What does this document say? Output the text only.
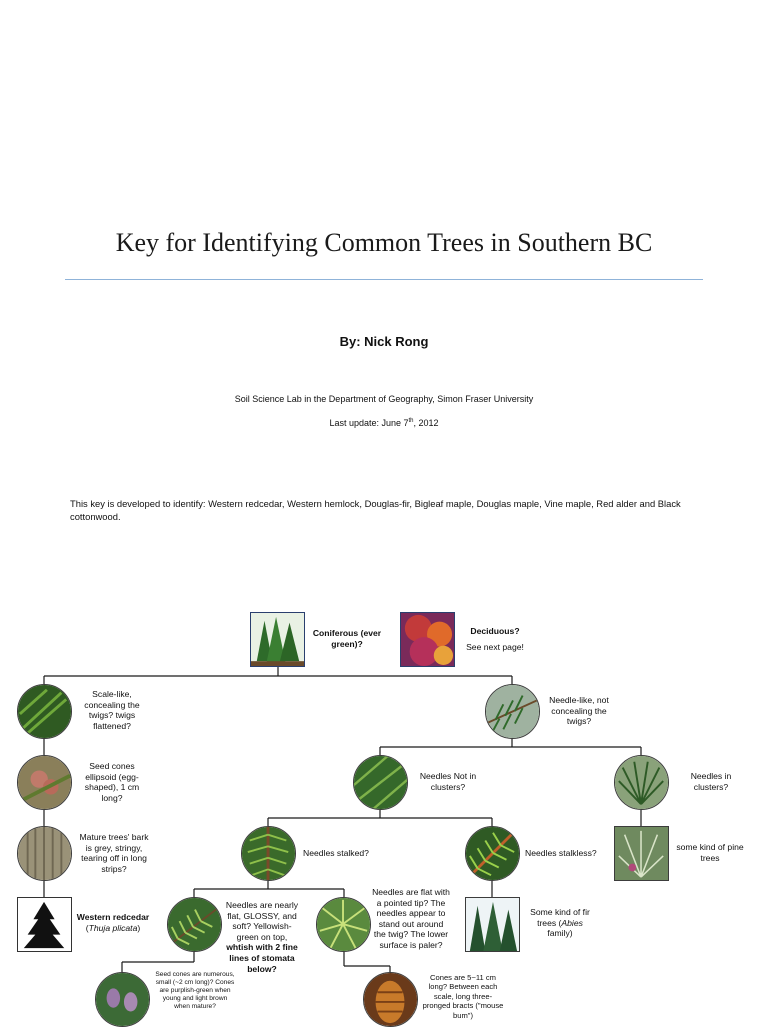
Key for Identifying Common Trees in Southern BC
By: Nick Rong
Soil Science Lab in the Department of Geography, Simon Fraser University
Last update: June 7th, 2012
This key is developed to identify: Western redcedar, Western hemlock, Douglas-fir, Bigleaf maple, Douglas maple, Vine maple, Red alder and Black cottonwood.
Coniferous (ever green)?
Deciduous?
See next page!
Scale-like, concealing the twigs? twigs flattened?
Seed cones ellipsoid (egg-shaped), 1 cm long?
Mature trees' bark is grey, stringy, tearing off in long strips?
Western redcedar
(Thuja plicata)
Needle-like, not concealing the twigs?
Needles Not in clusters?
Needles in clusters?
some kind of pine trees
Needles stalked?	Needles stalkless?
Some kind of fir trees (Abies family)
Needles are nearly flat, GLOSSY, and soft? Yellowish-green on top, whtish with 2 fine lines of stomata below?
Needles are flat with a pointed tip? The needles appear to stand out around the twig? The lower surface is paler?
Seed cones are numerous, small (~2 cm long)? Cones are purplish-green when young and light brown when mature?
Cones are 5~11 cm long? Between each scale, long three-pronged bracts ("mouse bum")
